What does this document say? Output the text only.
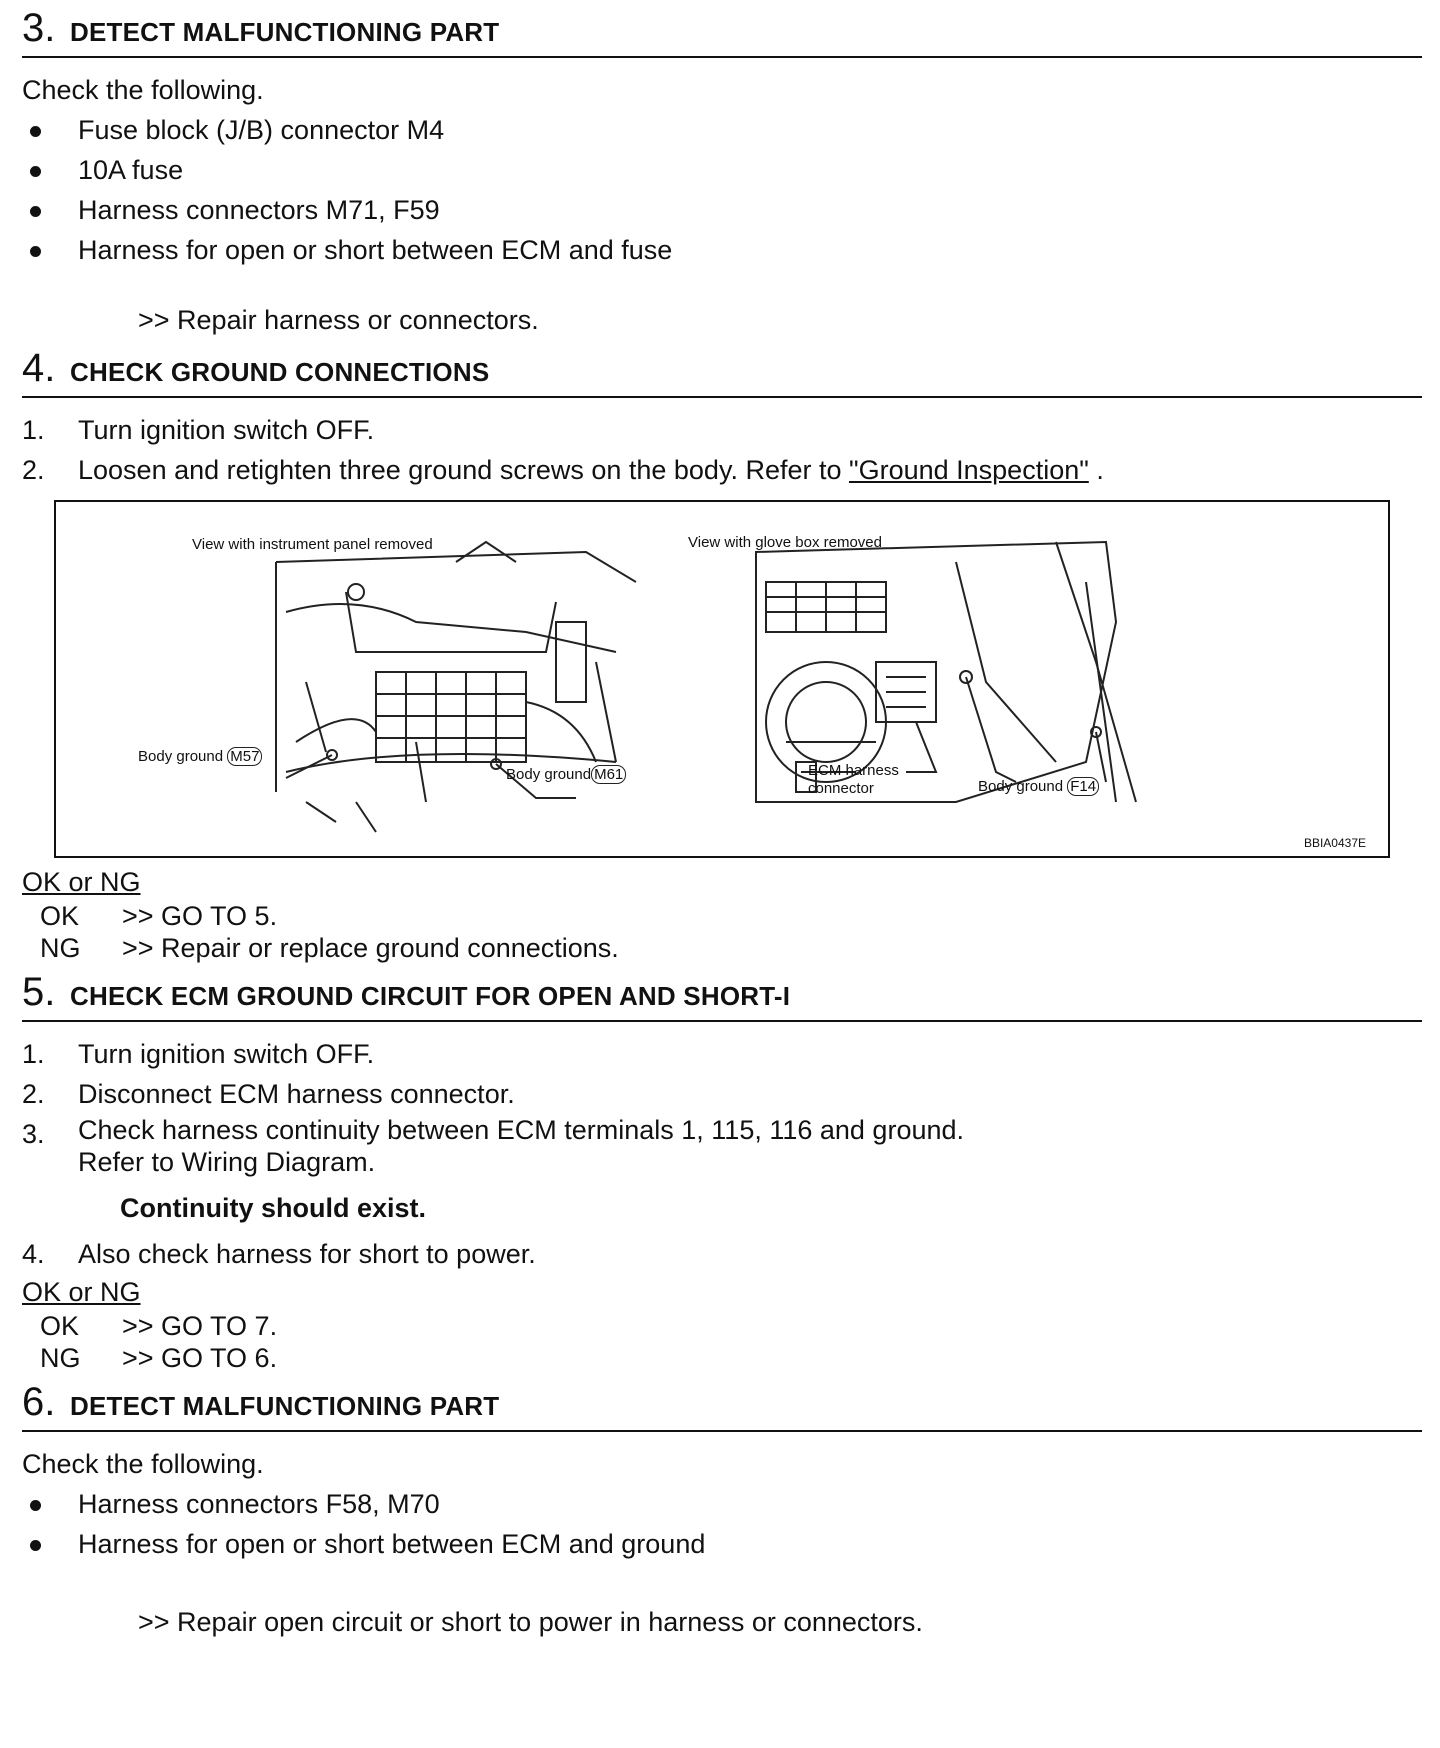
3. DETECT MALFUNCTIONING PART
Check the following.
Fuse block (J/B) connector M4
10A fuse
Harness connectors M71, F59
Harness for open or short between ECM and fuse
>> Repair harness or connectors.
4. CHECK GROUND CONNECTIONS
1.	Turn ignition switch OFF.
2.	Loosen and retighten three ground screws on the body. Refer to "Ground Inspection" .
View with instrument panel removed	View with glove box removed
Body ground M57
Body ground M61	ECM harness
connector	Body ground F14
BBIA0437E
OK or NG
OK	>> GO TO 5.
NG	>> Repair or replace ground connections.
5. CHECK ECM GROUND CIRCUIT FOR OPEN AND SHORT-I
1.	Turn ignition switch OFF.
2.	Disconnect ECM harness connector.
3.	Check harness continuity between ECM terminals 1, 115, 116 and ground.
Refer to Wiring Diagram.
Continuity should exist.
4.	Also check harness for short to power.
OK or NG
OK	>> GO TO 7.
NG	>> GO TO 6.
6. DETECT MALFUNCTIONING PART
Check the following.
Harness connectors F58, M70
Harness for open or short between ECM and ground
>> Repair open circuit or short to power in harness or connectors.
